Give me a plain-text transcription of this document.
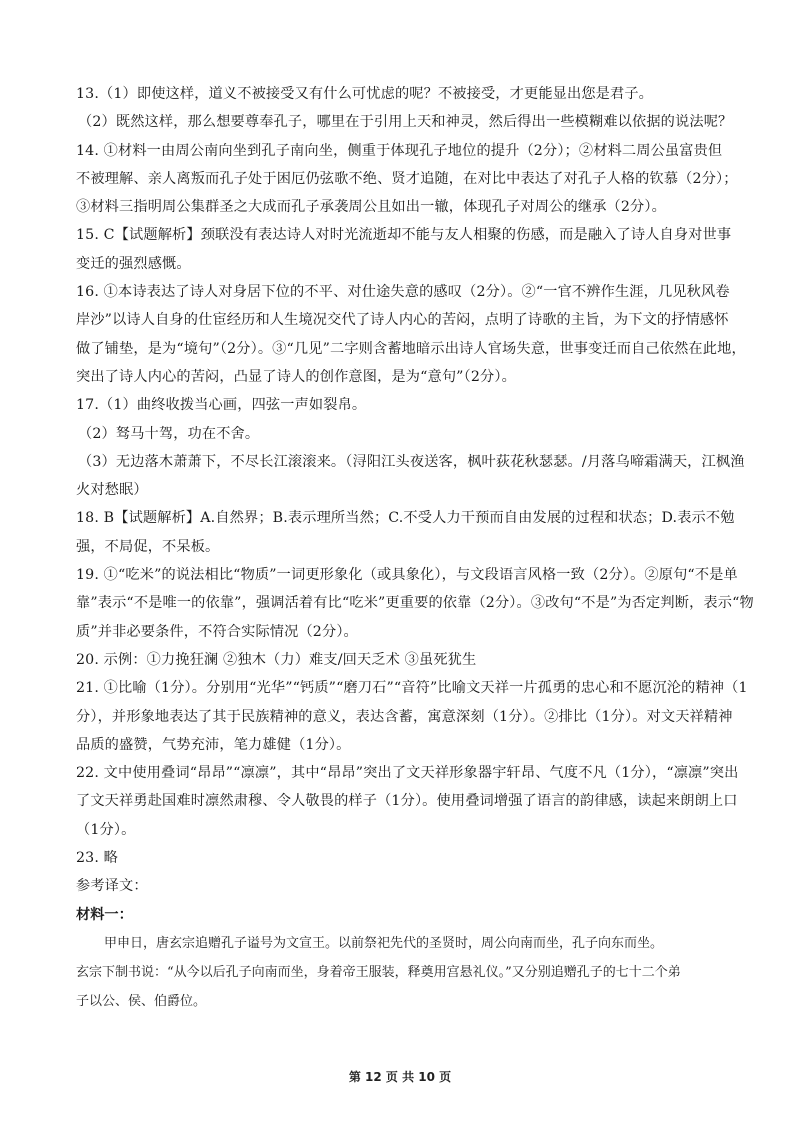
13.（1）即使这样，道义不被接受又有什么可忧虑的呢？不被接受，才更能显出您是君子。
（2）既然这样，那么想要尊奉孔子，哪里在于引用上天和神灵，然后得出一些模糊难以依据的说法呢？
14. ①材料一由周公南向坐到孔子南向坐，侧重于体现孔子地位的提升（2分）；②材料二周公虽富贵但
不被理解、亲人离叛而孔子处于困厄仍弦歌不绝、贤才追随，在对比中表达了对孔子人格的钦慕（2分）；
③材料三指明周公集群圣之大成而孔子承袭周公且如出一辙，体现孔子对周公的继承（2分）。
15. C【试题解析】颈联没有表达诗人对时光流逝却不能与友人相聚的伤感，而是融入了诗人自身对世事
变迁的强烈感慨。
16. ①本诗表达了诗人对身居下位的不平、对仕途失意的感叹（2分）。②“一官不辨作生涯，几见秋风卷
岸沙”以诗人自身的仕宦经历和人生境况交代了诗人内心的苦闷，点明了诗歌的主旨，为下文的抒情感怀
做了铺垫，是为“境句”（2分）。③“几见”二字则含蓄地暗示出诗人官场失意，世事变迁而自己依然在此地，
突出了诗人内心的苦闷，凸显了诗人的创作意图，是为“意句”（2分）。
17.（1）曲终收拨当心画，四弦一声如裂帛。
（2）驽马十驾，功在不舍。
（3）无边落木萧萧下，不尽长江滚滚来。（浔阳江头夜送客，枫叶荻花秋瑟瑟。/月落乌啼霜满天，江枫渔
火对愁眠）
18. B【试题解析】A.自然界；B.表示理所当然；C.不受人力干预而自由发展的过程和状态；D.表示不勉
强，不局促，不呆板。
19. ①“吃米”的说法相比“物质”一词更形象化（或具象化），与文段语言风格一致（2分）。②原句“不是单
靠”表示“不是唯一的依靠”，强调活着有比“吃米”更重要的依靠（2分）。③改句“不是”为否定判断，表示“物
质”并非必要条件，不符合实际情况（2分）。
20. 示例：①力挽狂澜 ②独木（力）难支/回天乏术 ③虽死犹生
21. ①比喻（1分）。分别用“光华”“钙质”“磨刀石”“音符”比喻文天祥一片孤勇的忠心和不愿沉沦的精神（1
分），并形象地表达了其于民族精神的意义，表达含蓄，寓意深刻（1分）。②排比（1分）。对文天祥精神
品质的盛赞，气势充沛，笔力雄健（1分）。
22. 文中使用叠词“昂昂”“凛凛”，其中“昂昂”突出了文天祥形象器宇轩昂、气度不凡（1分），“凛凛”突出
了文天祥勇赴国难时凛然肃穆、令人敬畏的样子（1分）。使用叠词增强了语言的韵律感，读起来朗朗上口
（1分）。
23. 略
参考译文：
材料一：
甲申日，唐玄宗追赠孔子谥号为文宣王。以前祭祀先代的圣贤时，周公向南而坐，孔子向东而坐。
玄宗下制书说：“从今以后孔子向南而坐，身着帝王服装，释奠用宫悬礼仪。”又分别追赠孔子的七十二个弟
子以公、侯、伯爵位。
第 12 页 共 10 页
